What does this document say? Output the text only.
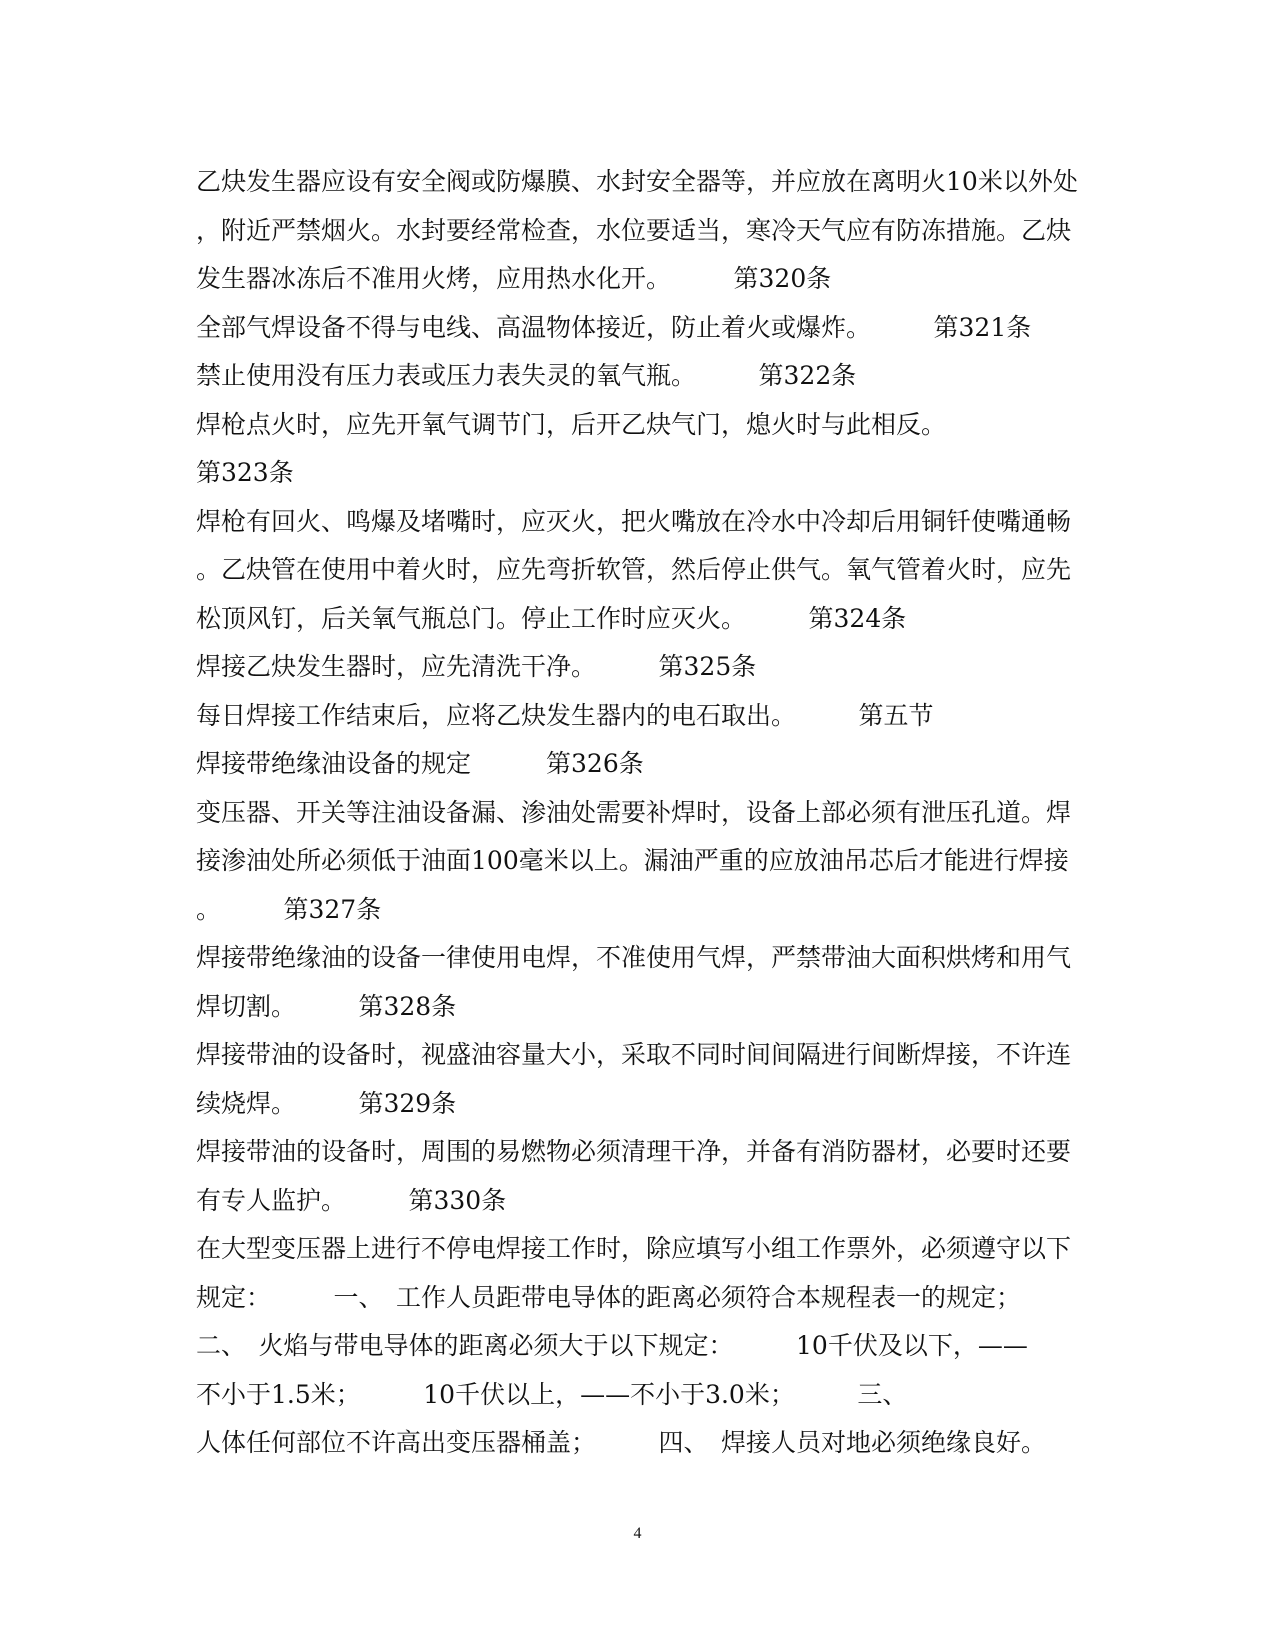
乙炔发生器应设有安全阀或防爆膜、水封安全器等，并应放在离明火10米以外处
，附近严禁烟火。水封要经常检查，水位要适当，寒冷天气应有防冻措施。乙炔
发生器冰冻后不准用火烤，应用热水化开。　　　第320条
全部气焊设备不得与电线、高温物体接近，防止着火或爆炸。　　　第321条
禁止使用没有压力表或压力表失灵的氧气瓶。　　　第322条
焊枪点火时，应先开氧气调节门，后开乙炔气门，熄火时与此相反。
第323条
焊枪有回火、鸣爆及堵嘴时，应灭火，把火嘴放在冷水中冷却后用铜钎使嘴通畅
。乙炔管在使用中着火时，应先弯折软管，然后停止供气。氧气管着火时，应先
松顶风钉，后关氧气瓶总门。停止工作时应灭火。　　　第324条
焊接乙炔发生器时，应先清洗干净。　　　第325条
每日焊接工作结束后，应将乙炔发生器内的电石取出。　　　第五节
焊接带绝缘油设备的规定　　　第326条
变压器、开关等注油设备漏、渗油处需要补焊时，设备上部必须有泄压孔道。焊
接渗油处所必须低于油面100毫米以上。漏油严重的应放油吊芯后才能进行焊接
。　　　第327条
焊接带绝缘油的设备一律使用电焊，不准使用气焊，严禁带油大面积烘烤和用气
焊切割。　　　第328条
焊接带油的设备时，视盛油容量大小，采取不同时间间隔进行间断焊接，不许连
续烧焊。　　　第329条
焊接带油的设备时，周围的易燃物必须清理干净，并备有消防器材，必要时还要
有专人监护。　　　第330条
在大型变压器上进行不停电焊接工作时，除应填写小组工作票外，必须遵守以下
规定：　　　一、　工作人员距带电导体的距离必须符合本规程表一的规定；
二、　火焰与带电导体的距离必须大于以下规定：　　　10千伏及以下，——
不小于1.5米；　　　10千伏以上，——不小于3.0米；　　　三、
人体任何部位不许高出变压器桶盖；　　　四、　焊接人员对地必须绝缘良好。
4
